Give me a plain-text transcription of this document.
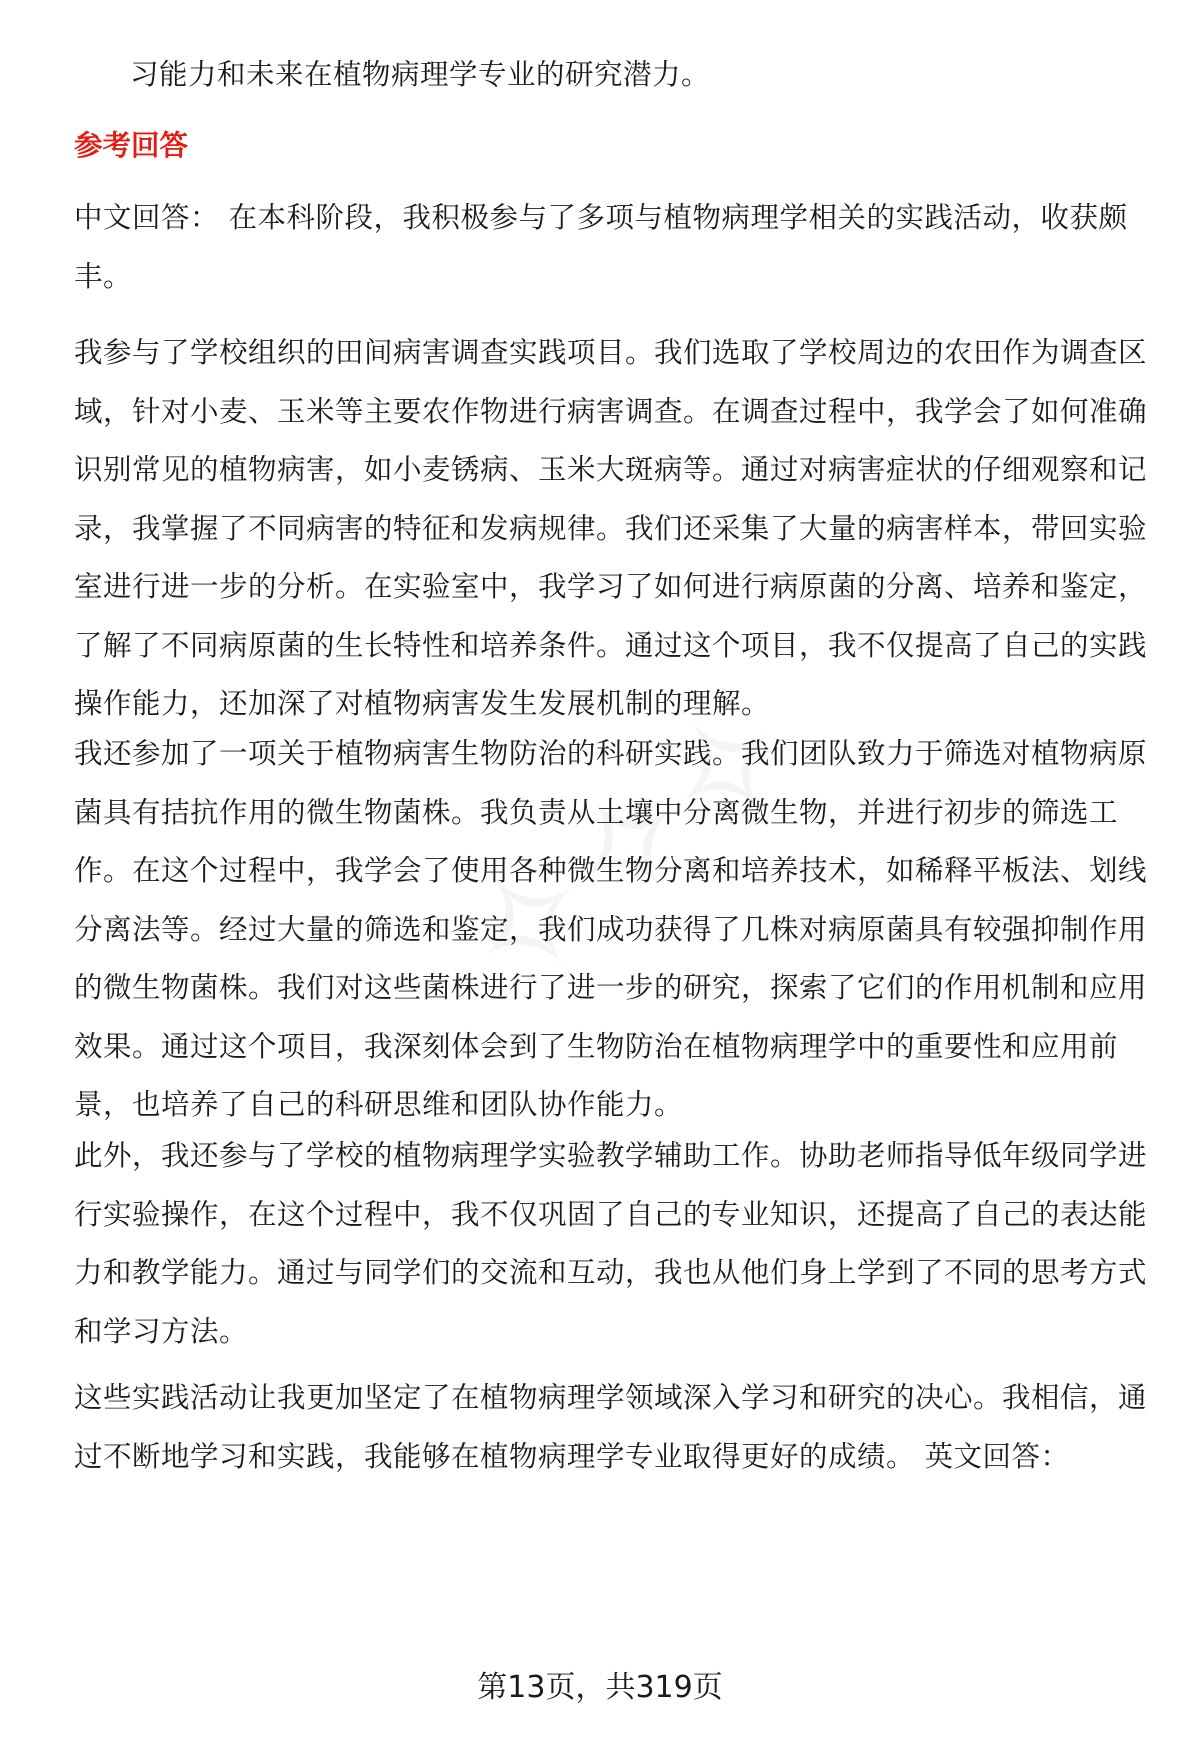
习能力和未来在植物病理学专业的研究潜力。

参考回答

中文回答： 在本科阶段，我积极参与了多项与植物病理学相关的实践活动，收获颇丰。

我参与了学校组织的田间病害调查实践项目。我们选取了学校周边的农田作为调查区域，针对小麦、玉米等主要农作物进行病害调查。在调查过程中，我学会了如何准确识别常见的植物病害，如小麦锈病、玉米大斑病等。通过对病害症状的仔细观察和记录，我掌握了不同病害的特征和发病规律。我们还采集了大量的病害样本，带回实验室进行进一步的分析。在实验室中，我学习了如何进行病原菌的分离、培养和鉴定，了解了不同病原菌的生长特性和培养条件。通过这个项目，我不仅提高了自己的实践操作能力，还加深了对植物病害发生发展机制的理解。

我还参加了一项关于植物病害生物防治的科研实践。我们团队致力于筛选对植物病原菌具有拮抗作用的微生物菌株。我负责从土壤中分离微生物，并进行初步的筛选工作。在这个过程中，我学会了使用各种微生物分离和培养技术，如稀释平板法、划线分离法等。经过大量的筛选和鉴定，我们成功获得了几株对病原菌具有较强抑制作用的微生物菌株。我们对这些菌株进行了进一步的研究，探索了它们的作用机制和应用效果。通过这个项目，我深刻体会到了生物防治在植物病理学中的重要性和应用前景，也培养了自己的科研思维和团队协作能力。

此外，我还参与了学校的植物病理学实验教学辅助工作。协助老师指导低年级同学进行实验操作，在这个过程中，我不仅巩固了自己的专业知识，还提高了自己的表达能力和教学能力。通过与同学们的交流和互动，我也从他们身上学到了不同的思考方式和学习方法。

这些实践活动让我更加坚定了在植物病理学领域深入学习和研究的决心。我相信，通过不断地学习和实践，我能够在植物病理学专业取得更好的成绩。 英文回答：

第13页，共319页
